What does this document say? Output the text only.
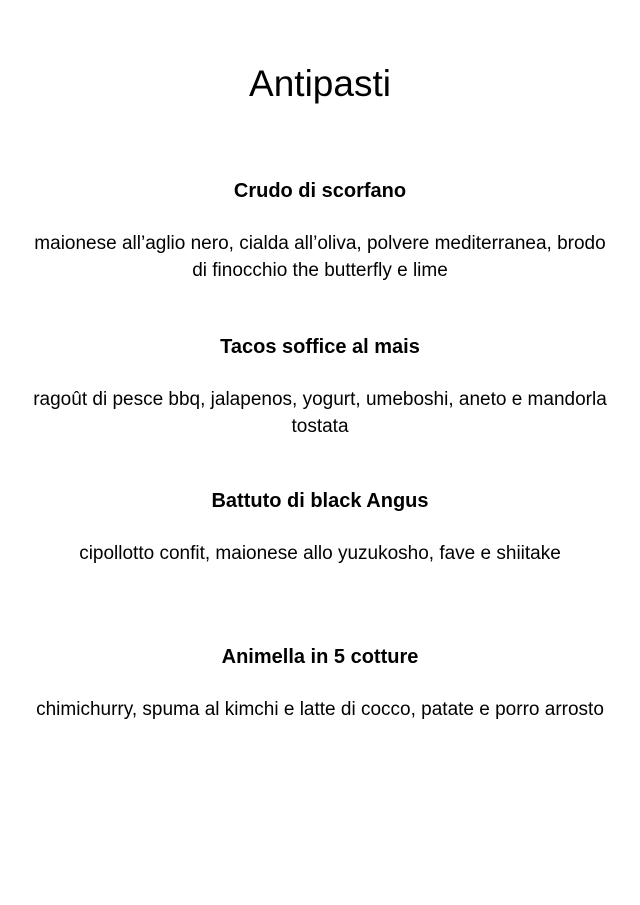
Antipasti

Crudo di scorfano

maionese all’aglio nero, cialda all’oliva, polvere mediterranea, brodo di finocchio the butterfly e lime

Tacos soffice al mais

ragoût di pesce bbq, jalapenos, yogurt, umeboshi, aneto e mandorla tostata

Battuto di black Angus

cipollotto confit, maionese allo yuzukosho, fave e shiitake

Animella in 5 cotture

chimichurry, spuma al kimchi e latte di cocco, patate e porro arrosto
